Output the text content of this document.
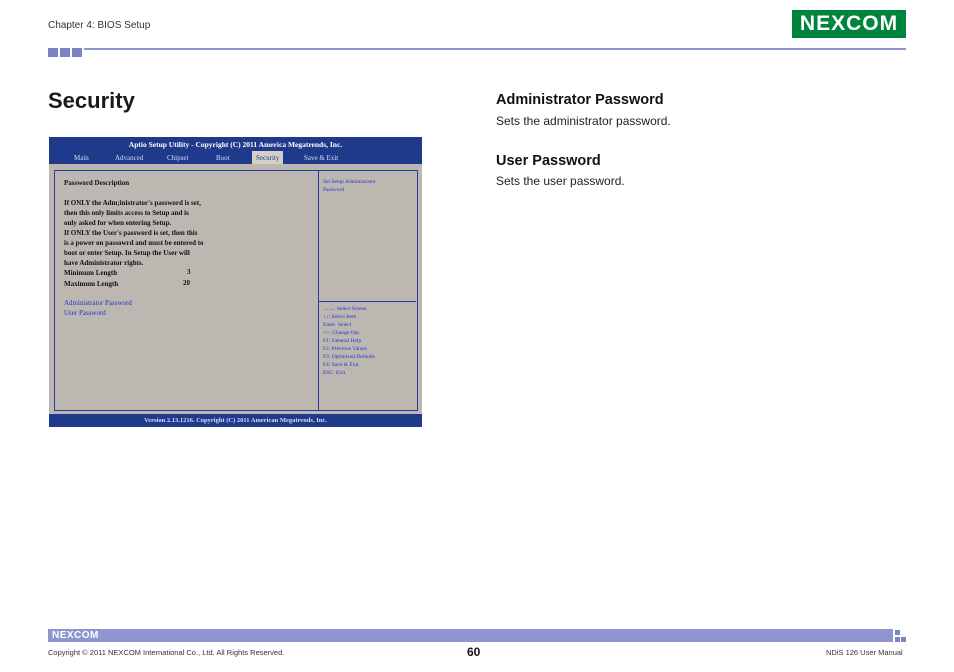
Chapter 4: BIOS Setup	NEXCOM
Security
Aptio Setup Utility - Copyright (C) 2011 America Megatrends, Inc.
Main	Advanced	Chipset	Boot	Security	Save & Exit
Password Description
If ONLY the Adm;inistrator's password is set,
then this only limits access to Setup and is
only asked for when entering Setup.
If ONLY the User's password is set, then this
is a power on passowrd and must be entered to
boot or enter Setup. In Setup the User will
have Administrator rights.
Minimum Length	3
Maximum Length	20
Administrator Password
User Password
Set Setup Administrator
Password
→←: Select Screen
↑↓: Select Item
Enter: Select
+/-: Change Opt.
F1: General Help
F2: Previous Values
F3: Optimized Defaults
F4: Save & Exit
ESC: Exit
Version 2.13.1216. Copyright (C) 2011 American Megatrends, Inc.
Administrator Password
Sets the administrator password.
User Password
Sets the user password.
NEXCOM
Copyright © 2011 NEXCOM International Co., Ltd. All Rights Reserved.	60	NDiS 126 User Manual
